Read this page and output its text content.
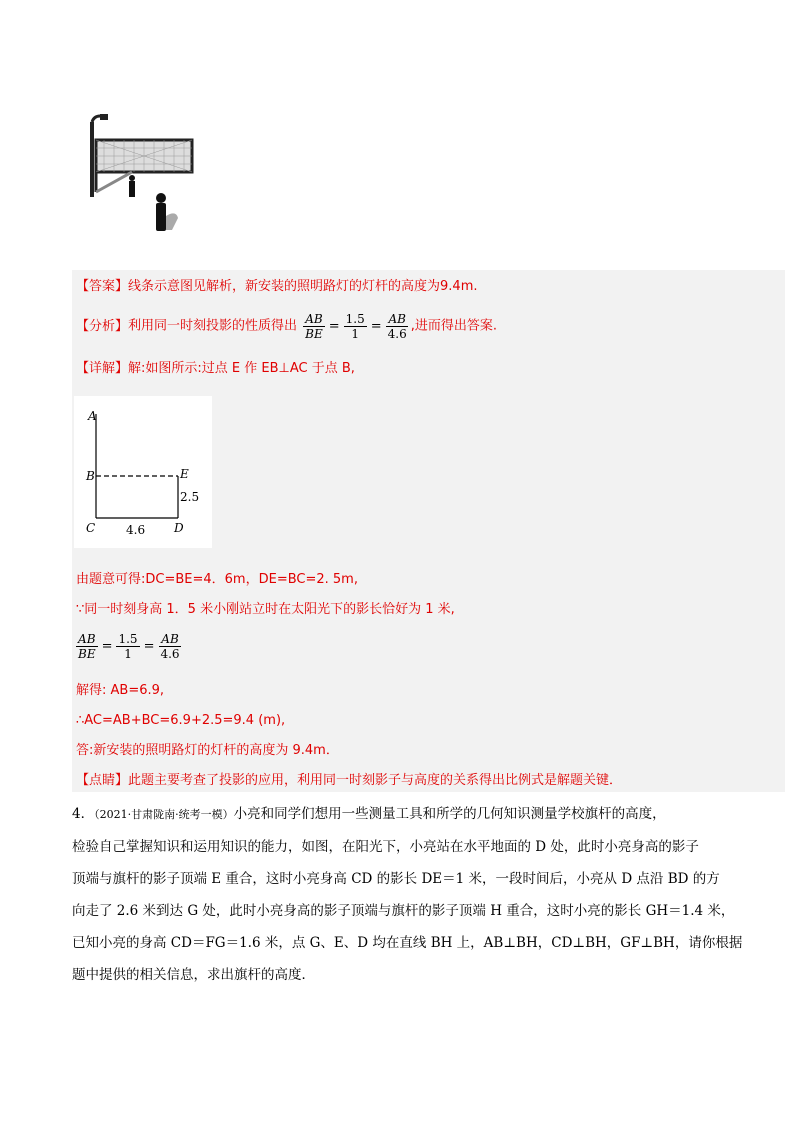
【答案】线条示意图见解析，新安装的照明路灯的灯杆的高度为9.4m.
【分析】利用同一时刻投影的性质得出 $\frac{AB}{BE} = \frac{1.5}{1} = \frac{AB}{4.6}$ ,进而得出答案.
【详解】解:如图所示:过点 E 作 EB⊥AC 于点 B,
A
B
C	D
E
2.5
4.6
由题意可得:DC=BE=4．6m，DE=BC=2. 5m,
∵同一时刻身高 1．5 米小刚站立时在太阳光下的影长恰好为 1 米,
$\frac{AB}{BE} = \frac{1.5}{1} = \frac{AB}{4.6}$
解得: AB=6.9,
∴AC=AB+BC=6.9+2.5=9.4 (m),
答:新安装的照明路灯的灯杆的高度为 9.4m．
【点睛】此题主要考查了投影的应用，利用同一时刻影子与高度的关系得出比例式是解题关键．
4．（2021·甘肃陇南·统考一模）小亮和同学们想用一些测量工具和所学的几何知识测量学校旗杆的高度，
检验自己掌握知识和运用知识的能力，如图，在阳光下，小亮站在水平地面的 D 处，此时小亮身高的影子
顶端与旗杆的影子顶端 E 重合，这时小亮身高 CD 的影长 DE＝1 米，一段时间后，小亮从 D 点沿 BD 的方
向走了 2.6 米到达 G 处，此时小亮身高的影子顶端与旗杆的影子顶端 H 重合，这时小亮的影长 GH＝1.4 米，
已知小亮的身高 CD＝FG＝1.6 米，点 G、E、D 均在直线 BH 上，AB⊥BH，CD⊥BH，GF⊥BH，请你根据
题中提供的相关信息，求出旗杆的高度．
